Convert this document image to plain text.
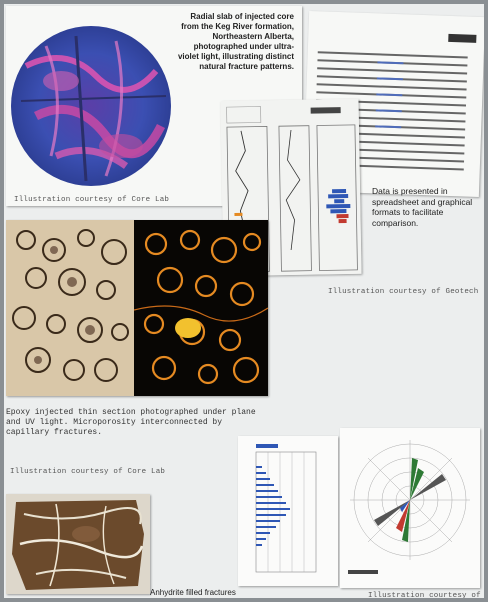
Radial slab of injected core from the Keg River formation, Northeastern Alberta, photographed under ultra-violet light, illustrating distinct natural fracture patterns.
Illustration courtesy of Core Lab
Data is presented in spreadsheet and graphical formats to facilitate comparison.
Illustration courtesy of Geotech
Epoxy injected thin section photographed under plane and UV light. Microporosity interconnected by capillary fractures.
Illustration courtesy of Core Lab
Anhydrite filled fractures	Illustration courtesy of
